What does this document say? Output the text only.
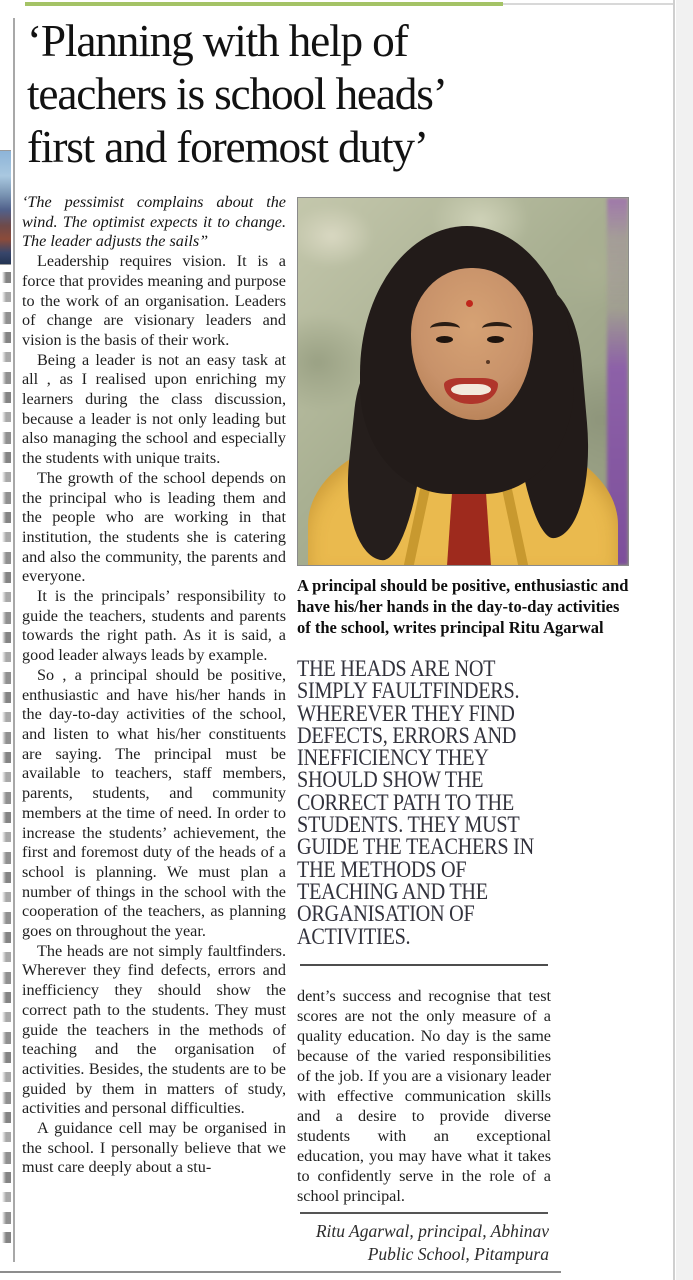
‘Planning with help of
teachers is school heads’
first and foremost duty’

‘The pessimist complains about the wind. The optimist expects it to change. The leader adjusts the sails”

Leadership requires vision. It is a force that provides meaning and purpose to the work of an organisation. Leaders of change are visionary leaders and vision is the basis of their work.

Being a leader is not an easy task at all , as I realised upon enriching my learners during the class discussion, because a leader is not only leading but also managing the school and especially the students with unique traits.

The growth of the school depends on the principal who is leading them and the people who are working in that institution, the students she is catering and also the community, the parents and everyone.

It is the principals’ responsibility to guide the teachers, students and parents towards the right path. As it is said, a good leader always leads by example.

So , a principal should be positive, enthusiastic and have his/her hands in the day-to-day activities of the school, and listen to what his/her constituents are saying. The principal must be available to teachers, staff members, parents, students, and community members at the time of need. In order to increase the students’ achievement, the first and foremost duty of the heads of a school is planning. We must plan a number of things in the school with the cooperation of the teachers, as planning goes on throughout the year.

The heads are not simply faultfinders. Wherever they find defects, errors and inefficiency they should show the correct path to the students. They must guide the teachers in the methods of teaching and the organisation of activities. Besides, the students are to be guided by them in matters of study, activities and personal difficulties.

A guidance cell may be organised in the school. I personally believe that we must care deeply about a stu-

A principal should be positive, enthusiastic and have his/her hands in the day-to-day activities of the school, writes principal Ritu Agarwal

THE HEADS ARE NOT SIMPLY FAULTFINDERS. WHEREVER THEY FIND DEFECTS, ERRORS AND INEFFICIENCY THEY SHOULD SHOW THE CORRECT PATH TO THE STUDENTS. THEY MUST GUIDE THE TEACHERS IN THE METHODS OF TEACHING AND THE ORGANISATION OF ACTIVITIES.

dent’s success and recognise that test scores are not the only measure of a quality education. No day is the same because of the varied responsibilities of the job. If you are a visionary leader with effective communication skills and a desire to provide diverse students with an exceptional education, you may have what it takes to confidently serve in the role of a school principal.

Ritu Agarwal, principal, Abhinav
Public School, Pitampura
